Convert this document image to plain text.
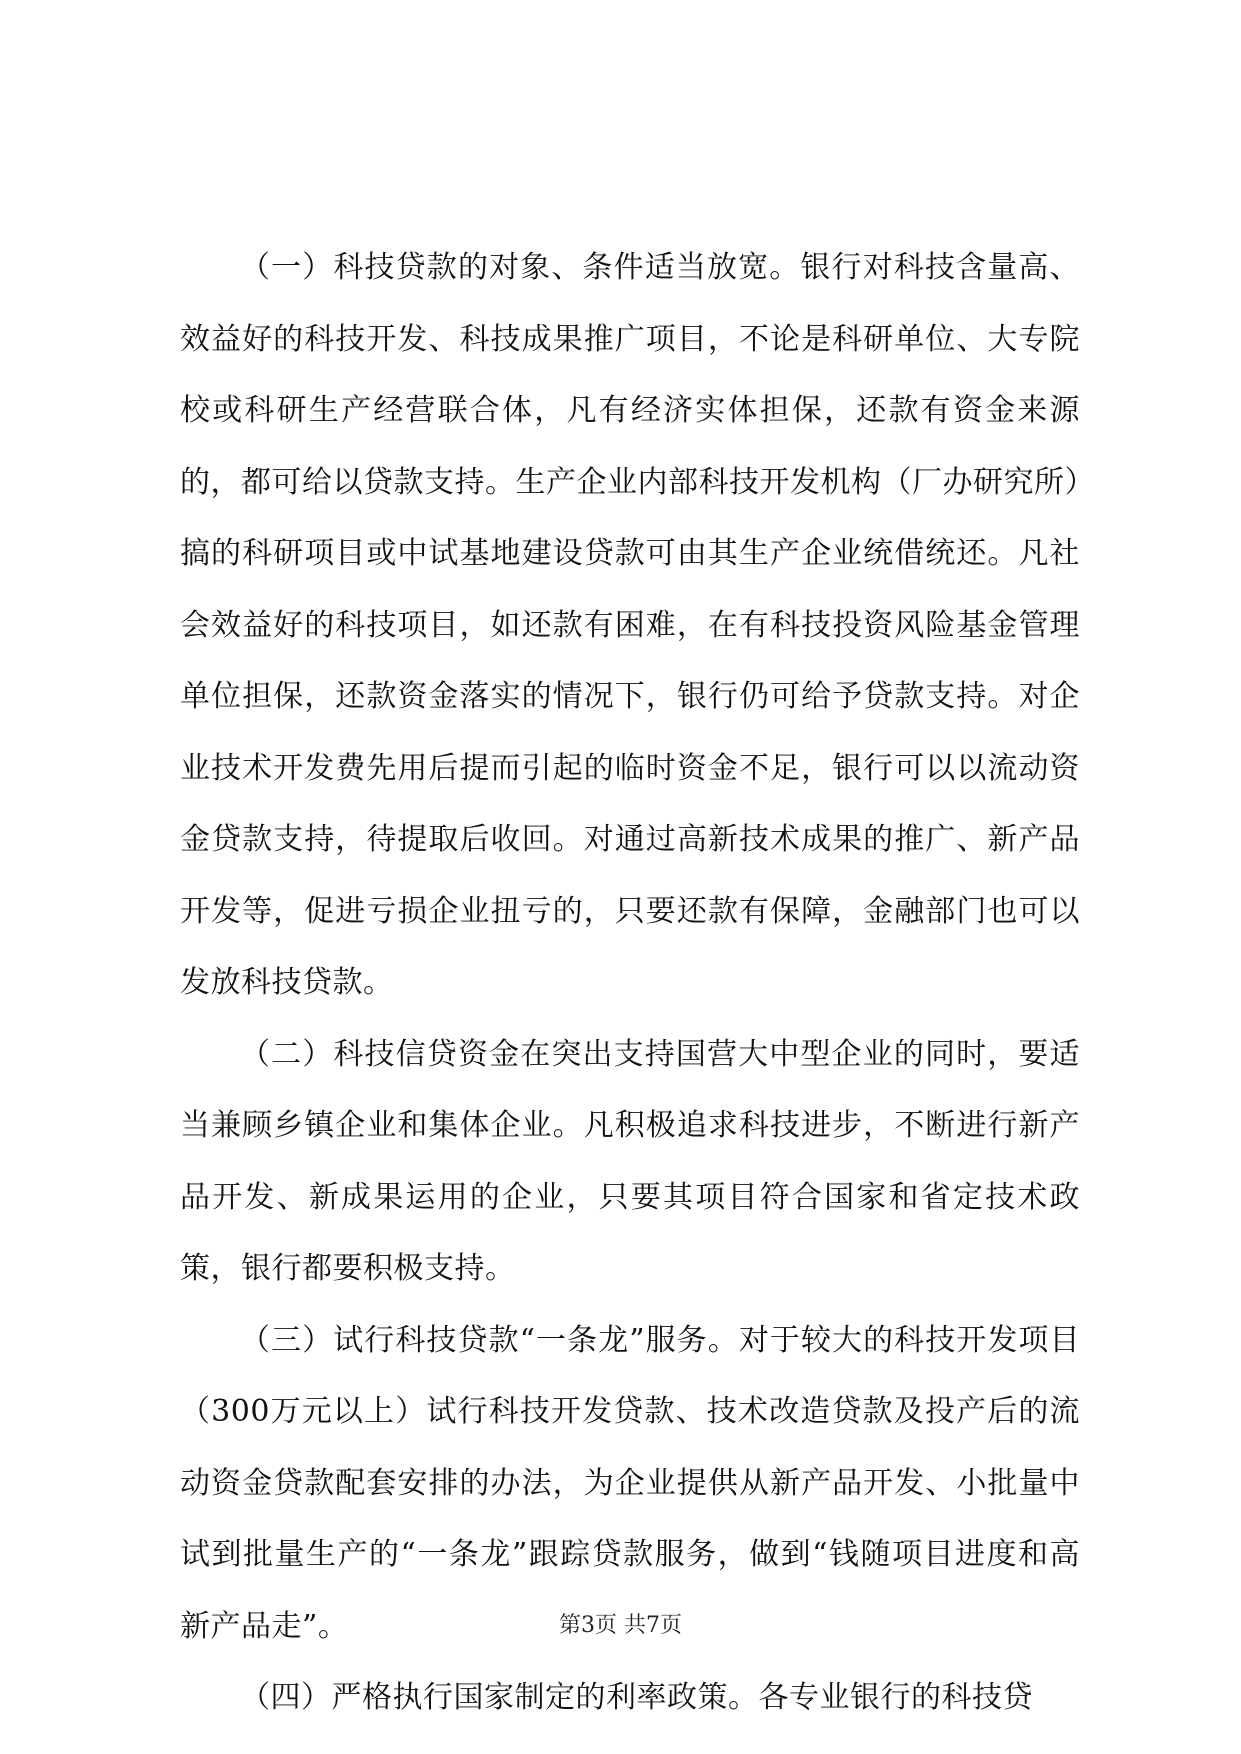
（一）科技贷款的对象、条件适当放宽。银行对科技含量高、效益好的科技开发、科技成果推广项目，不论是科研单位、大专院校或科研生产经营联合体，凡有经济实体担保，还款有资金来源的，都可给以贷款支持。生产企业内部科技开发机构（厂办研究所）搞的科研项目或中试基地建设贷款可由其生产企业统借统还。凡社会效益好的科技项目，如还款有困难，在有科技投资风险基金管理单位担保，还款资金落实的情况下，银行仍可给予贷款支持。对企业技术开发费先用后提而引起的临时资金不足，银行可以以流动资金贷款支持，待提取后收回。对通过高新技术成果的推广、新产品开发等，促进亏损企业扭亏的，只要还款有保障，金融部门也可以发放科技贷款。

（二）科技信贷资金在突出支持国营大中型企业的同时，要适当兼顾乡镇企业和集体企业。凡积极追求科技进步，不断进行新产品开发、新成果运用的企业，只要其项目符合国家和省定技术政策，银行都要积极支持。

（三）试行科技贷款“一条龙”服务。对于较大的科技开发项目（300万元以上）试行科技开发贷款、技术改造贷款及投产后的流动资金贷款配套安排的办法，为企业提供从新产品开发、小批量中试到批量生产的“一条龙”跟踪贷款服务，做到“钱随项目进度和高新产品走”。

（四）严格执行国家制定的利率政策。各专业银行的科技贷

第3页 共7页
